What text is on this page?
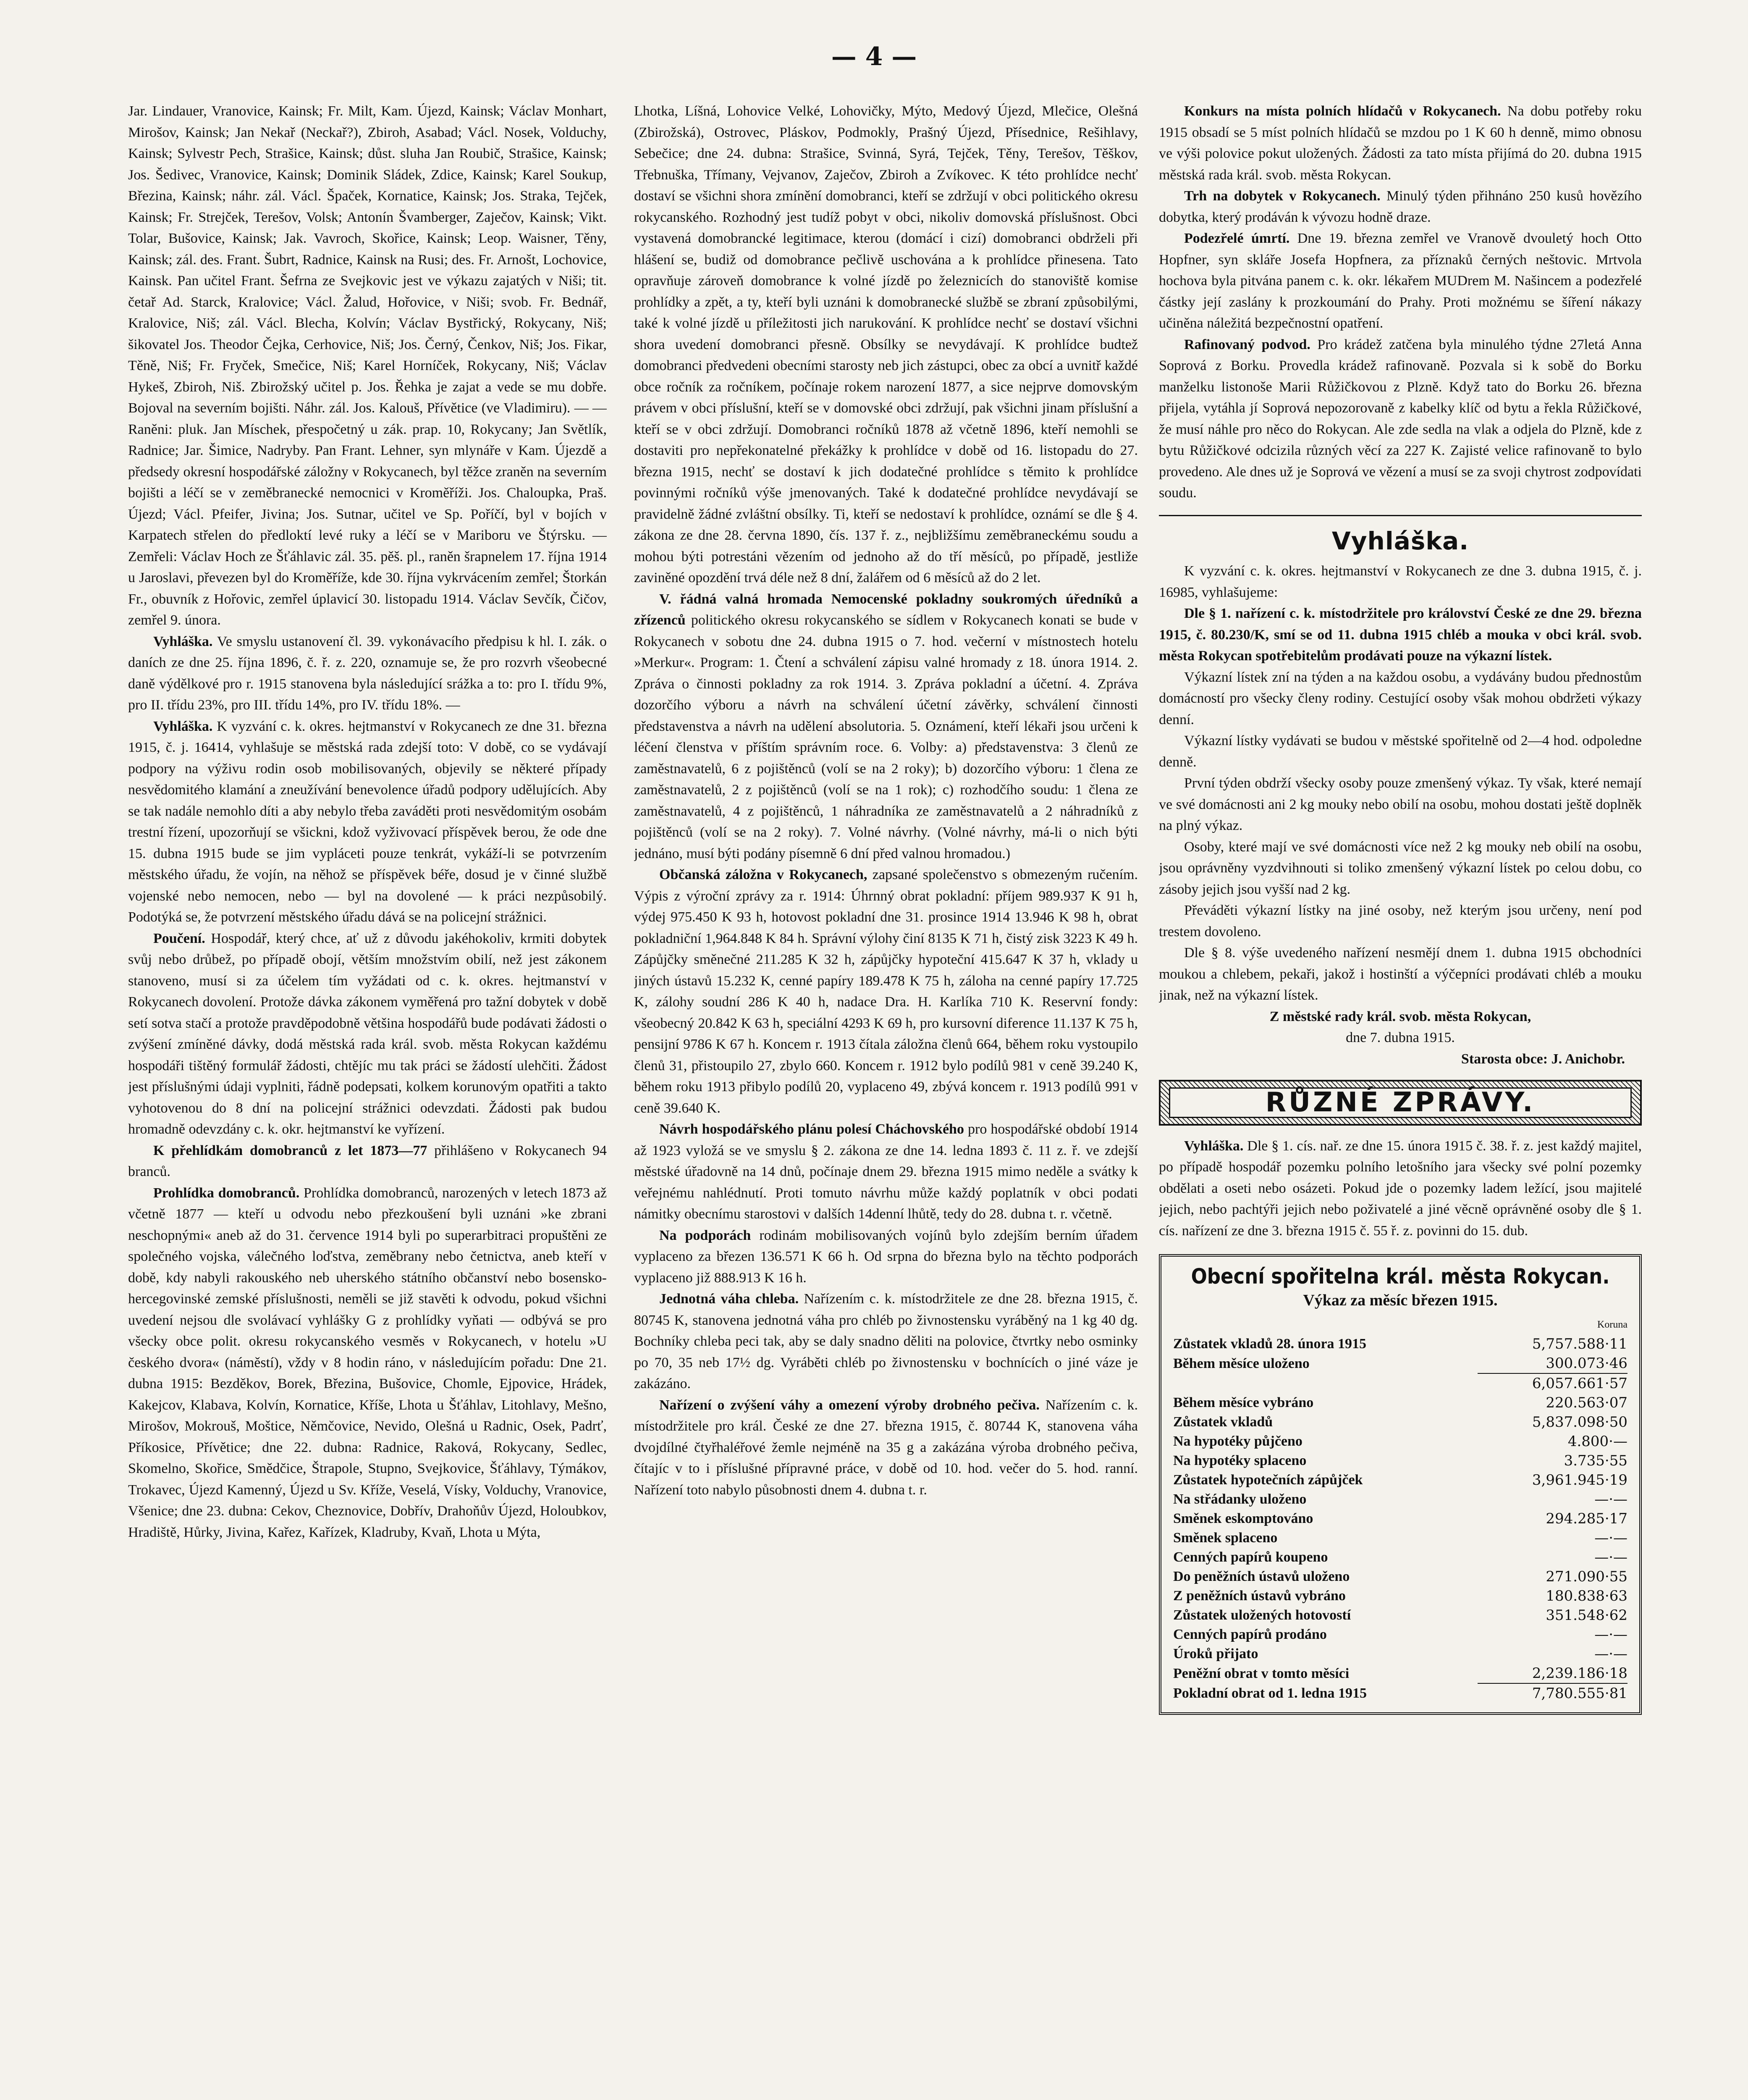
— 4 —

Jar. Lindauer, Vranovice, Kainsk; Fr. Milt, Kam. Újezd, Kainsk; Václav Monhart, Mirošov, Kainsk; Jan Nekař (Neckař?), Zbiroh, Asabad; Václ. Nosek, Volduchy, Kainsk; Sylvestr Pech, Strašice, Kainsk; důst. sluha Jan Roubič, Strašice, Kainsk; Jos. Šedivec, Vranovice, Kainsk; Dominik Sládek, Zdice, Kainsk; Karel Soukup, Březina, Kainsk; náhr. zál. Václ. Špaček, Kornatice, Kainsk; Jos. Straka, Tejček, Kainsk; Fr. Strejček, Terešov, Volsk; Antonín Švamberger, Zaječov, Kainsk; Vikt. Tolar, Bušovice, Kainsk; Jak. Vavroch, Skořice, Kainsk; Leop. Waisner, Těny, Kainsk; zál. des. Frant. Šubrt, Radnice, Kainsk na Rusi; des. Fr. Arnošt, Lochovice, Kainsk. Pan učitel Frant. Šefrna ze Svejkovic jest ve výkazu zajatých v Niši; tit. četař Ad. Starck, Kralovice; Václ. Žalud, Hořovice, v Niši; svob. Fr. Bednář, Kralovice, Niš; zál. Václ. Blecha, Kolvín; Václav Bystřický, Rokycany, Niš; šikovatel Jos. Theodor Čejka, Cerhovice, Niš; Jos. Černý, Čenkov, Niš; Jos. Fikar, Těně, Niš; Fr. Fryček, Smečice, Niš; Karel Horníček, Rokycany, Niš; Václav Hykeš, Zbiroh, Niš. Zbirožský učitel p. Jos. Řehka je zajat a vede se mu dobře. Bojoval na severním bojišti. Náhr. zál. Jos. Kalouš, Přívětice (ve Vladimiru). — — Raněni: pluk. Jan Míschek, přespočetný u zák. prap. 10, Rokycany; Jan Světlík, Radnice; Jar. Šimice, Nadryby. Pan Frant. Lehner, syn mlynáře v Kam. Újezdě a předsedy okresní hospodářské záložny v Rokycanech, byl těžce zraněn na severním bojišti a léčí se v zeměbranecké nemocnici v Kroměříži. Jos. Chaloupka, Praš. Újezd; Václ. Pfeifer, Jivina; Jos. Sutnar, učitel ve Sp. Poříčí, byl v bojích v Karpatech střelen do předloktí levé ruky a léčí se v Mariboru ve Štýrsku. — Zemřeli: Václav Hoch ze Šťáhlavic zál. 35. pěš. pl., raněn šrapnelem 17. října 1914 u Jaroslavi, převezen byl do Kroměříže, kde 30. října vykrvácením zemřel; Štorkán Fr., obuvník z Hořovic, zemřel úplavicí 30. listopadu 1914. Václav Sevčík, Čičov, zemřel 9. února.

Vyhláška. Ve smyslu ustanovení čl. 39. vykonávacího předpisu k hl. I. zák. o daních ze dne 25. října 1896, č. ř. z. 220, oznamuje se, že pro rozvrh všeobecné daně výdělkové pro r. 1915 stanovena byla následující srážka a to: pro I. třídu 9%, pro II. třídu 23%, pro III. třídu 14%, pro IV. třídu 18%. —

Vyhláška. K vyzvání c. k. okres. hejtmanství v Rokycanech ze dne 31. března 1915, č. j. 16414, vyhlašuje se městská rada zdejší toto: V době, co se vydávají podpory na výživu rodin osob mobilisovaných, objevily se některé případy nesvědomitého klamání a zneužívání benevolence úřadů podpory udělujících. Aby se tak nadále nemohlo díti a aby nebylo třeba zaváděti proti nesvědomitým osobám trestní řízení, upozorňují se všickni, kdož vyživovací příspěvek berou, že ode dne 15. dubna 1915 bude se jim vypláceti pouze tenkrát, vykáží-li se potvrzením městského úřadu, že vojín, na něhož se příspěvek béře, dosud je v činné službě vojenské nebo nemocen, nebo — byl na dovolené — k práci nezpůsobilý. Podotýká se, že potvrzení městského úřadu dává se na policejní strážnici.

Poučení. Hospodář, který chce, ať už z důvodu jakéhokoliv, krmiti dobytek svůj nebo drůbež, po případě obojí, větším množstvím obilí, než jest zákonem stanoveno, musí si za účelem tím vyžádati od c. k. okres. hejtmanství v Rokycanech dovolení. Protože dávka zákonem vyměřená pro tažní dobytek v době setí sotva stačí a protože pravděpodobně většina hospodářů bude podávati žádosti o zvýšení zmíněné dávky, dodá městská rada král. svob. města Rokycan každému hospodáři tištěný formulář žádosti, chtějíc mu tak práci se žádostí ulehčiti. Žádost jest příslušnými údaji vyplniti, řádně podepsati, kolkem korunovým opatřiti a takto vyhotovenou do 8 dní na policejní strážnici odevzdati. Žádosti pak budou hromadně odevzdány c. k. okr. hejtmanství ke vyřízení.

K přehlídkám domobranců z let 1873—77 přihlášeno v Rokycanech 94 branců.

Prohlídka domobranců. Prohlídka domobranců, narozených v letech 1873 až včetně 1877 — kteří u odvodu nebo přezkoušení byli uznáni »ke zbrani neschopnými« aneb až do 31. července 1914 byli po superarbitraci propuštěni ze společného vojska, válečného loďstva, zeměbrany nebo četnictva, aneb kteří v době, kdy nabyli rakouského neb uherského státního občanství nebo bosensko-hercegovinské zemské příslušnosti, neměli se již stavěti k odvodu, pokud všichni uvedení nejsou dle svolávací vyhlášky G z prohlídky vyňati — odbývá se pro všecky obce polit. okresu rokycanského vesměs v Rokycanech, v hotelu »U českého dvora« (náměstí), vždy v 8 hodin ráno, v následujícím pořadu: Dne 21. dubna 1915: Bezděkov, Borek, Březina, Bušovice, Chomle, Ejpovice, Hrádek, Kakejcov, Klabava, Kolvín, Kornatice, Kříše, Lhota u Šťáhlav, Litohlavy, Mešno, Mirošov, Mokrouš, Moštice, Němčovice, Nevido, Olešná u Radnic, Osek, Padrť, Příkosice, Přívětice; dne 22. dubna: Radnice, Raková, Rokycany, Sedlec, Skomelno, Skořice, Smědčice, Štrapole, Stupno, Svejkovice, Šťáhlavy, Týmákov, Trokavec, Újezd Kamenný, Újezd u Sv. Kříže, Veselá, Vísky, Volduchy, Vranovice, Všenice; dne 23. dubna: Cekov, Cheznovice, Dobřív, Drahoňův Újezd, Holoubkov, Hradiště, Hůrky, Jivina, Kařez, Kařízek, Kladruby, Kvaň, Lhota u Mýta,

Lhotka, Líšná, Lohovice Velké, Lohovičky, Mýto, Medový Újezd, Mlečice, Olešná (Zbirožská), Ostrovec, Pláskov, Podmokly, Prašný Újezd, Přísednice, Rešihlavy, Sebečice; dne 24. dubna: Strašice, Svinná, Syrá, Tejček, Těny, Terešov, Těškov, Třebnuška, Třímany, Vejvanov, Zaječov, Zbiroh a Zvíkovec. K této prohlídce nechť dostaví se všichni shora zmínění domobranci, kteří se zdržují v obci politického okresu rokycanského. Rozhodný jest tudíž pobyt v obci, nikoliv domovská příslušnost. Obci vystavená domobrancké legitimace, kterou (domácí i cizí) domobranci obdrželi při hlášení se, budiž od domobrance pečlivě uschována a k prohlídce přinesena. Tato opravňuje zároveň domobrance k volné jízdě po železnicích do stanoviště komise prohlídky a zpět, a ty, kteří byli uznáni k domobranecké službě se zbraní způsobilými, také k volné jízdě u příležitosti jich narukování. K prohlídce nechť se dostaví všichni shora uvedení domobranci přesně. Obsílky se nevydávají. K prohlídce budtež domobranci předvedeni obecními starosty neb jich zástupci, obec za obcí a uvnitř každé obce ročník za ročníkem, počínaje rokem narození 1877, a sice nejprve domovským právem v obci příslušní, kteří se v domovské obci zdržují, pak všichni jinam příslušní a kteří se v obci zdržují. Domobranci ročníků 1878 až včetně 1896, kteří nemohli se dostaviti pro nepřekonatelné překážky k prohlídce v době od 16. listopadu do 27. března 1915, nechť se dostaví k jich dodatečné prohlídce s těmito k prohlídce povinnými ročníků výše jmenovaných. Také k dodatečné prohlídce nevydávají se pravidelně žádné zvláštní obsílky. Ti, kteří se nedostaví k prohlídce, oznámí se dle § 4. zákona ze dne 28. června 1890, čís. 137 ř. z., nejbližšímu zeměbraneckému soudu a mohou býti potrestáni vězením od jednoho až do tří měsíců, po případě, jestliže zaviněné opozdění trvá déle než 8 dní, žalářem od 6 měsíců až do 2 let.

V. řádná valná hromada Nemocenské pokladny soukromých úředníků a zřízenců politického okresu rokycanského se sídlem v Rokycanech konati se bude v Rokycanech v sobotu dne 24. dubna 1915 o 7. hod. večerní v místnostech hotelu »Merkur«. Program: 1. Čtení a schválení zápisu valné hromady z 18. února 1914. 2. Zpráva o činnosti pokladny za rok 1914. 3. Zpráva pokladní a účetní. 4. Zpráva dozorčího výboru a návrh na schválení účetní závěrky, schválení činnosti představenstva a návrh na udělení absolutoria. 5. Oznámení, kteří lékaři jsou určeni k léčení členstva v příštím správním roce. 6. Volby: a) představenstva: 3 členů ze zaměstnavatelů, 6 z pojištěnců (volí se na 2 roky); b) dozorčího výboru: 1 člena ze zaměstnavatelů, 2 z pojištěnců (volí se na 1 rok); c) rozhodčího soudu: 1 člena ze zaměstnavatelů, 4 z pojištěnců, 1 náhradníka ze zaměstnavatelů a 2 náhradníků z pojištěnců (volí se na 2 roky). 7. Volné návrhy. (Volné návrhy, má-li o nich býti jednáno, musí býti podány písemně 6 dní před valnou hromadou.)

Občanská záložna v Rokycanech, zapsané společenstvo s obmezeným ručením. Výpis z výroční zprávy za r. 1914: Úhrnný obrat pokladní: příjem 989.937 K 91 h, výdej 975.450 K 93 h, hotovost pokladní dne 31. prosince 1914 13.946 K 98 h, obrat pokladniční 1,964.848 K 84 h. Správní výlohy činí 8135 K 71 h, čistý zisk 3223 K 49 h. Zápůjčky směnečné 211.285 K 32 h, zápůjčky hypoteční 415.647 K 37 h, vklady u jiných ústavů 15.232 K, cenné papíry 189.478 K 75 h, záloha na cenné papíry 17.725 K, zálohy soudní 286 K 40 h, nadace Dra. H. Karlíka 710 K. Reservní fondy: všeobecný 20.842 K 63 h, speciální 4293 K 69 h, pro kursovní diference 11.137 K 75 h, pensijní 9786 K 67 h. Koncem r. 1913 čítala záložna členů 664, během roku vystoupilo členů 31, přistoupilo 27, zbylo 660. Koncem r. 1912 bylo podílů 981 v ceně 39.240 K, během roku 1913 přibylo podílů 20, vyplaceno 49, zbývá koncem r. 1913 podílů 991 v ceně 39.640 K.

Návrh hospodářského plánu polesí Cháchovského pro hospodářské období 1914 až 1923 vyložá se ve smyslu § 2. zákona ze dne 14. ledna 1893 č. 11 z. ř. ve zdejší městské úřadovně na 14 dnů, počínaje dnem 29. března 1915 mimo neděle a svátky k veřejnému nahlédnutí. Proti tomuto návrhu může každý poplatník v obci podati námitky obecnímu starostovi v dalších 14denní lhůtě, tedy do 28. dubna t. r. včetně.

Na podporách rodinám mobilisovaných vojínů bylo zdejším berním úřadem vyplaceno za březen 136.571 K 66 h. Od srpna do března bylo na těchto podporách vyplaceno již 888.913 K 16 h.

Jednotná váha chleba. Nařízením c. k. místodržitele ze dne 28. března 1915, č. 80745 K, stanovena jednotná váha pro chléb po živnostensku vyráběný na 1 kg 40 dg. Bochníky chleba peci tak, aby se daly snadno děliti na polovice, čtvrtky nebo osminky po 70, 35 neb 17½ dg. Vyráběti chléb po živnostensku v bochnících o jiné váze je zakázáno.

Nařízení o zvýšení váhy a omezení výroby drobného pečiva. Nařízením c. k. místodržitele pro král. České ze dne 27. března 1915, č. 80744 K, stanovena váha dvojdílné čtyřhaléřové žemle nejméně na 35 g a zakázána výroba drobného pečiva, čítajíc v to i příslušné přípravné práce, v době od 10. hod. večer do 5. hod. ranní. Nařízení toto nabylo působnosti dnem 4. dubna t. r.

Konkurs na místa polních hlídačů v Rokycanech. Na dobu potřeby roku 1915 obsadí se 5 míst polních hlídačů se mzdou po 1 K 60 h denně, mimo obnosu ve výši polovice pokut uložených. Žádosti za tato místa přijímá do 20. dubna 1915 městská rada král. svob. města Rokycan.

Trh na dobytek v Rokycanech. Minulý týden přihnáno 250 kusů hovězího dobytka, který prodáván k vývozu hodně draze.

Podezřelé úmrtí. Dne 19. března zemřel ve Vranově dvouletý hoch Otto Hopfner, syn skláře Josefa Hopfnera, za příznaků černých neštovic. Mrtvola hochova byla pitvána panem c. k. okr. lékařem MUDrem M. Našincem a podezřelé částky její zaslány k prozkoumání do Prahy. Proti možnému se šíření nákazy učiněna náležitá bezpečnostní opatření.

Rafinovaný podvod. Pro krádež zatčena byla minulého týdne 27letá Anna Soprová z Borku. Provedla krádež rafinovaně. Pozvala si k sobě do Borku manželku listonoše Marii Růžičkovou z Plzně. Když tato do Borku 26. března přijela, vytáhla jí Soprová nepozorovaně z kabelky klíč od bytu a řekla Růžičkové, že musí náhle pro něco do Rokycan. Ale zde sedla na vlak a odjela do Plzně, kde z bytu Růžičkové odcizila různých věcí za 227 K. Zajisté velice rafinovaně to bylo provedeno. Ale dnes už je Soprová ve vězení a musí se za svoji chytrost zodpovídati soudu.

Vyhláška.

K vyzvání c. k. okres. hejtmanství v Rokycanech ze dne 3. dubna 1915, č. j. 16985, vyhlašujeme:

Dle § 1. nařízení c. k. místodržitele pro království České ze dne 29. března 1915, č. 80.230/K, smí se od 11. dubna 1915 chléb a mouka v obci král. svob. města Rokycan spotřebitelům prodávati pouze na výkazní lístek.

Výkazní lístek zní na týden a na každou osobu, a vydávány budou přednostům domácností pro všecky členy rodiny. Cestující osoby však mohou obdržeti výkazy denní.

Výkazní lístky vydávati se budou v městské spořitelně od 2—4 hod. odpoledne denně.

První týden obdrží všecky osoby pouze zmenšený výkaz. Ty však, které nemají ve své domácnosti ani 2 kg mouky nebo obilí na osobu, mohou dostati ještě doplněk na plný výkaz.

Osoby, které mají ve své domácnosti více než 2 kg mouky neb obilí na osobu, jsou oprávněny vyzdvihnouti si toliko zmenšený výkazní lístek po celou dobu, co zásoby jejich jsou vyšší nad 2 kg.

Převáděti výkazní lístky na jiné osoby, než kterým jsou určeny, není pod trestem dovoleno.

Dle § 8. výše uvedeného nařízení nesmějí dnem 1. dubna 1915 obchodníci moukou a chlebem, pekaři, jakož i hostinští a výčepníci prodávati chléb a mouku jinak, než na výkazní lístek.

Z městské rady král. svob. města Rokycan,

dne 7. dubna 1915.

Starosta obce: J. Anichobr.

RŮZNÉ ZPRÁVY.

Vyhláška. Dle § 1. cís. nař. ze dne 15. února 1915 č. 38. ř. z. jest každý majitel, po případě hospodář pozemku polního letošního jara všecky své polní pozemky obdělati a oseti nebo osázeti. Pokud jde o pozemky ladem ležící, jsou majitelé jejich, nebo pachtýři jejich nebo poživatelé a jiné věcně oprávněné osoby dle § 1. cís. nařízení ze dne 3. března 1915 č. 55 ř. z. povinni do 15. dub.

Obecní spořitelna král. města Rokycan.
Výkaz za měsíc březen 1915.
	Koruna
Zůstatek vkladů 28. února 1915	5,757.588·11
Během měsíce uloženo	300.073·46
	6,057.661·57
Během měsíce vybráno	220.563·07
Zůstatek vkladů	5,837.098·50
Na hypotéky půjčeno	4.800·—
Na hypotéky splaceno	3.735·55
Zůstatek hypotečních zápůjček	3,961.945·19
Na střádanky uloženo	—·—
Směnek eskomptováno	294.285·17
Směnek splaceno	—·—
Cenných papírů koupeno	—·—
Do peněžních ústavů uloženo	271.090·55
Z peněžních ústavů vybráno	180.838·63
Zůstatek uložených hotovostí	351.548·62
Cenných papírů prodáno	—·—
Úroků přijato	—·—
Peněžní obrat v tomto měsíci	2,239.186·18
Pokladní obrat od 1. ledna 1915	7,780.555·81
